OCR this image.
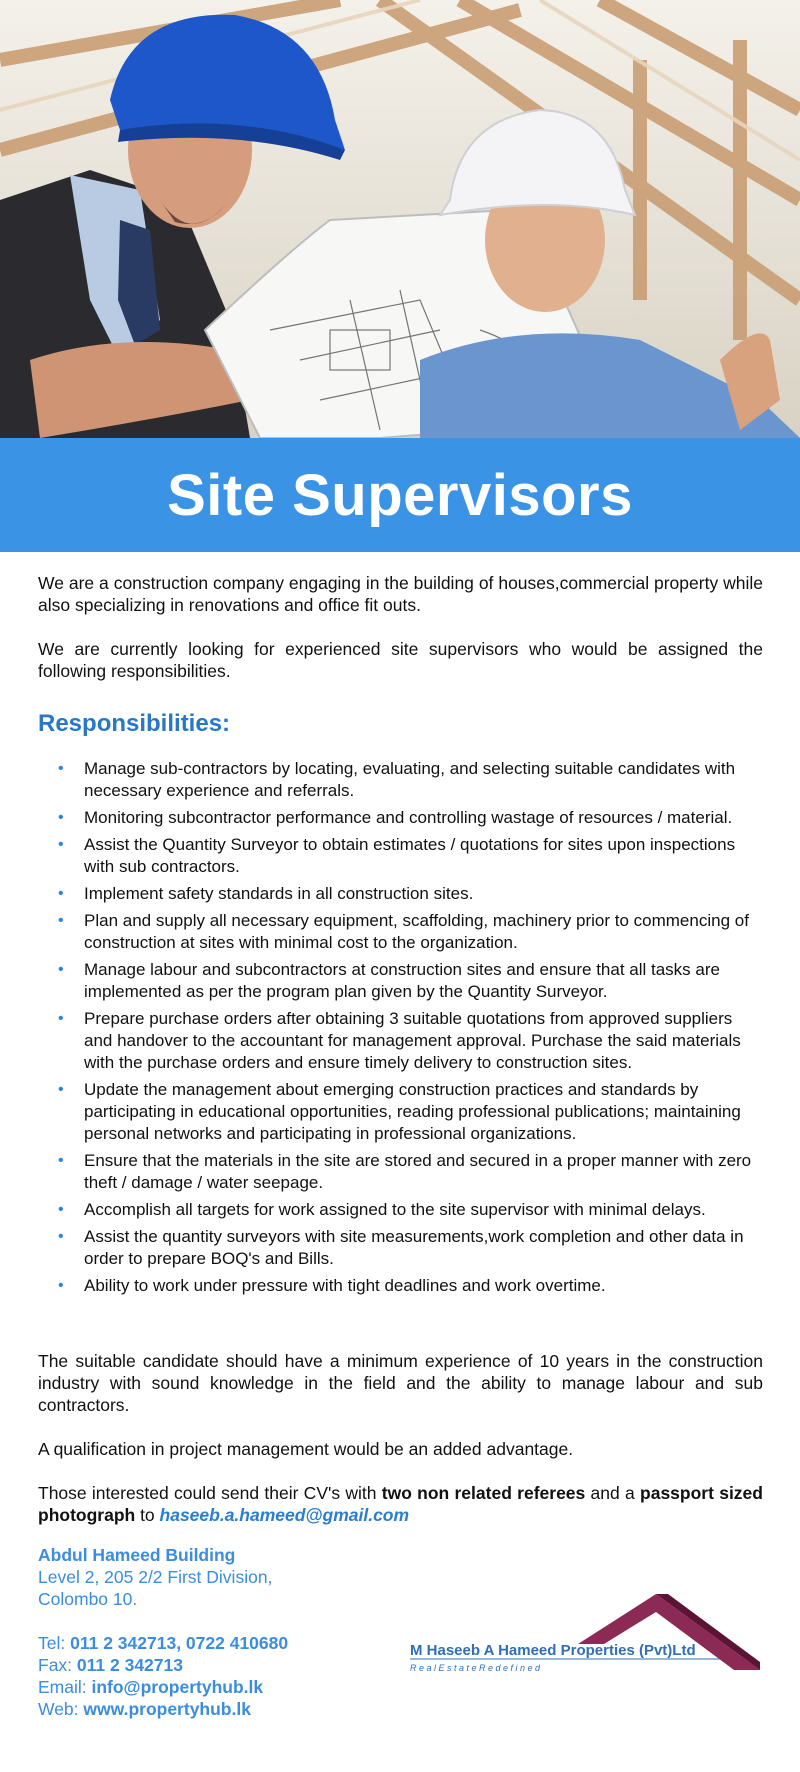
Site Supervisors

We are a construction company engaging in the building of houses,commercial property while also specializing in renovations and office fit outs.

We are currently looking for experienced site supervisors who would be assigned the following responsibilities.

Responsibilities:
• Manage sub-contractors by locating, evaluating, and selecting suitable candidates with necessary experience and referrals.
• Monitoring subcontractor performance and controlling wastage of resources / material.
• Assist the Quantity Surveyor to obtain estimates / quotations for sites upon inspections with sub contractors.
• Implement safety standards in all construction sites.
• Plan and supply all necessary equipment, scaffolding, machinery prior to commencing of construction at sites with minimal cost to the organization.
• Manage labour and subcontractors at construction sites and ensure that all tasks are implemented as per the program plan given by the Quantity Surveyor.
• Prepare purchase orders after obtaining 3 suitable quotations from approved suppliers and handover to the accountant for management approval. Purchase the said materials with the purchase orders and ensure timely delivery to construction sites.
• Update the management about emerging construction practices and standards by participating in educational opportunities, reading professional publications; maintaining personal networks and participating in professional organizations.
• Ensure that the materials in the site are stored and secured in a proper manner with zero theft / damage / water seepage.
• Accomplish all targets for work assigned to the site supervisor with minimal delays.
• Assist the quantity surveyors with site measurements,work completion and other data in order to prepare BOQ's and Bills.
• Ability to work under pressure with tight deadlines and work overtime.

The suitable candidate should have a minimum experience of 10 years in the construction industry with sound knowledge in the field and the ability to manage labour and sub contractors.

A qualification in project management would be an added advantage.

Those interested could send their CV's with two non related referees and a passport sized photograph to haseeb.a.hameed@gmail.com

Abdul Hameed Building
Level 2, 205 2/2 First Division,
Colombo 10.
Tel: 011 2 342713, 0722 410680
Fax: 011 2 342713
Email: info@propertyhub.lk
Web: www.propertyhub.lk
M Haseeb A Hameed Properties (Pvt)Ltd
R e a l E s t a t e R e d e f i n e d
